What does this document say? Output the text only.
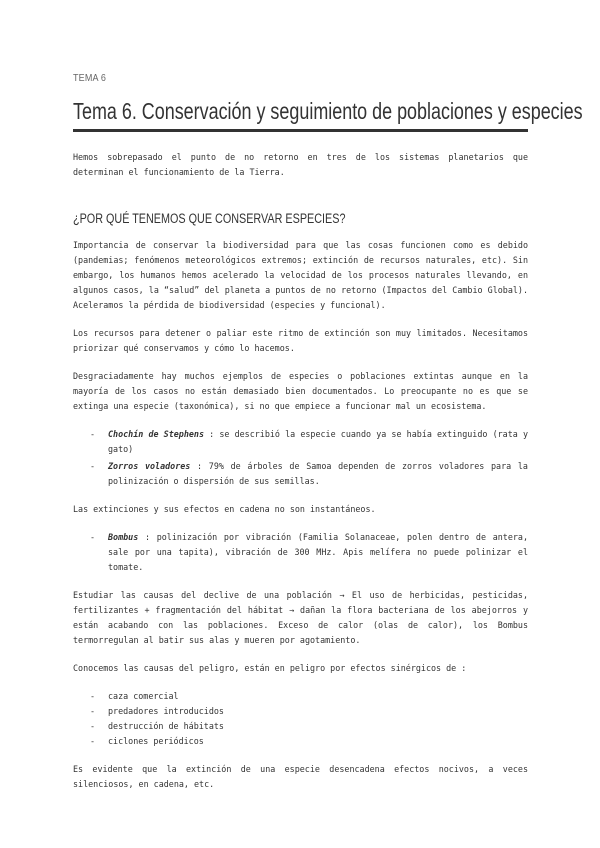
TEMA 6
Tema 6. Conservación y seguimiento de poblaciones y especies

Hemos sobrepasado el punto de no retorno en tres de los sistemas planetarios que determinan el funcionamiento de la Tierra.

¿POR QUÉ TENEMOS QUE CONSERVAR ESPECIES?

Importancia de conservar la biodiversidad para que las cosas funcionen como es debido (pandemias; fenómenos meteorológicos extremos; extinción de recursos naturales, etc). Sin embargo, los humanos hemos acelerado la velocidad de los procesos naturales llevando, en algunos casos, la “salud” del planeta a puntos de no retorno (Impactos del Cambio Global). Aceleramos la pérdida de biodiversidad (especies y funcional).

Los recursos para detener o paliar este ritmo de extinción son muy limitados. Necesitamos priorizar qué conservamos y cómo lo hacemos.

Desgraciadamente hay muchos ejemplos de especies o poblaciones extintas aunque en la mayoría de los casos no están demasiado bien documentados. Lo preocupante no es que se extinga una especie (taxonómica), si no que empiece a funcionar mal un ecosistema.

- Chochín de Stephens : se describió la especie cuando ya se había extinguido (rata y gato)
- Zorros voladores : 79% de árboles de Samoa dependen de zorros voladores para la polinización o dispersión de sus semillas.

Las extinciones y sus efectos en cadena no son instantáneos.

- Bombus : polinización por vibración (Familia Solanaceae, polen dentro de antera, sale por una tapita), vibración de 300 MHz. Apis melífera no puede polinizar el tomate.

Estudiar las causas del declive de una población → El uso de herbicidas, pesticidas, fertilizantes + fragmentación del hábitat → dañan la flora bacteriana de los abejorros y están acabando con las poblaciones. Exceso de calor (olas de calor), los Bombus termorregulan al batir sus alas y mueren por agotamiento.

Conocemos las causas del peligro, están en peligro por efectos sinérgicos de :

- caza comercial
- predadores introducidos
- destrucción de hábitats
- ciclones periódicos

Es evidente que la extinción de una especie desencadena efectos nocivos, a veces silenciosos, en cadena, etc.
